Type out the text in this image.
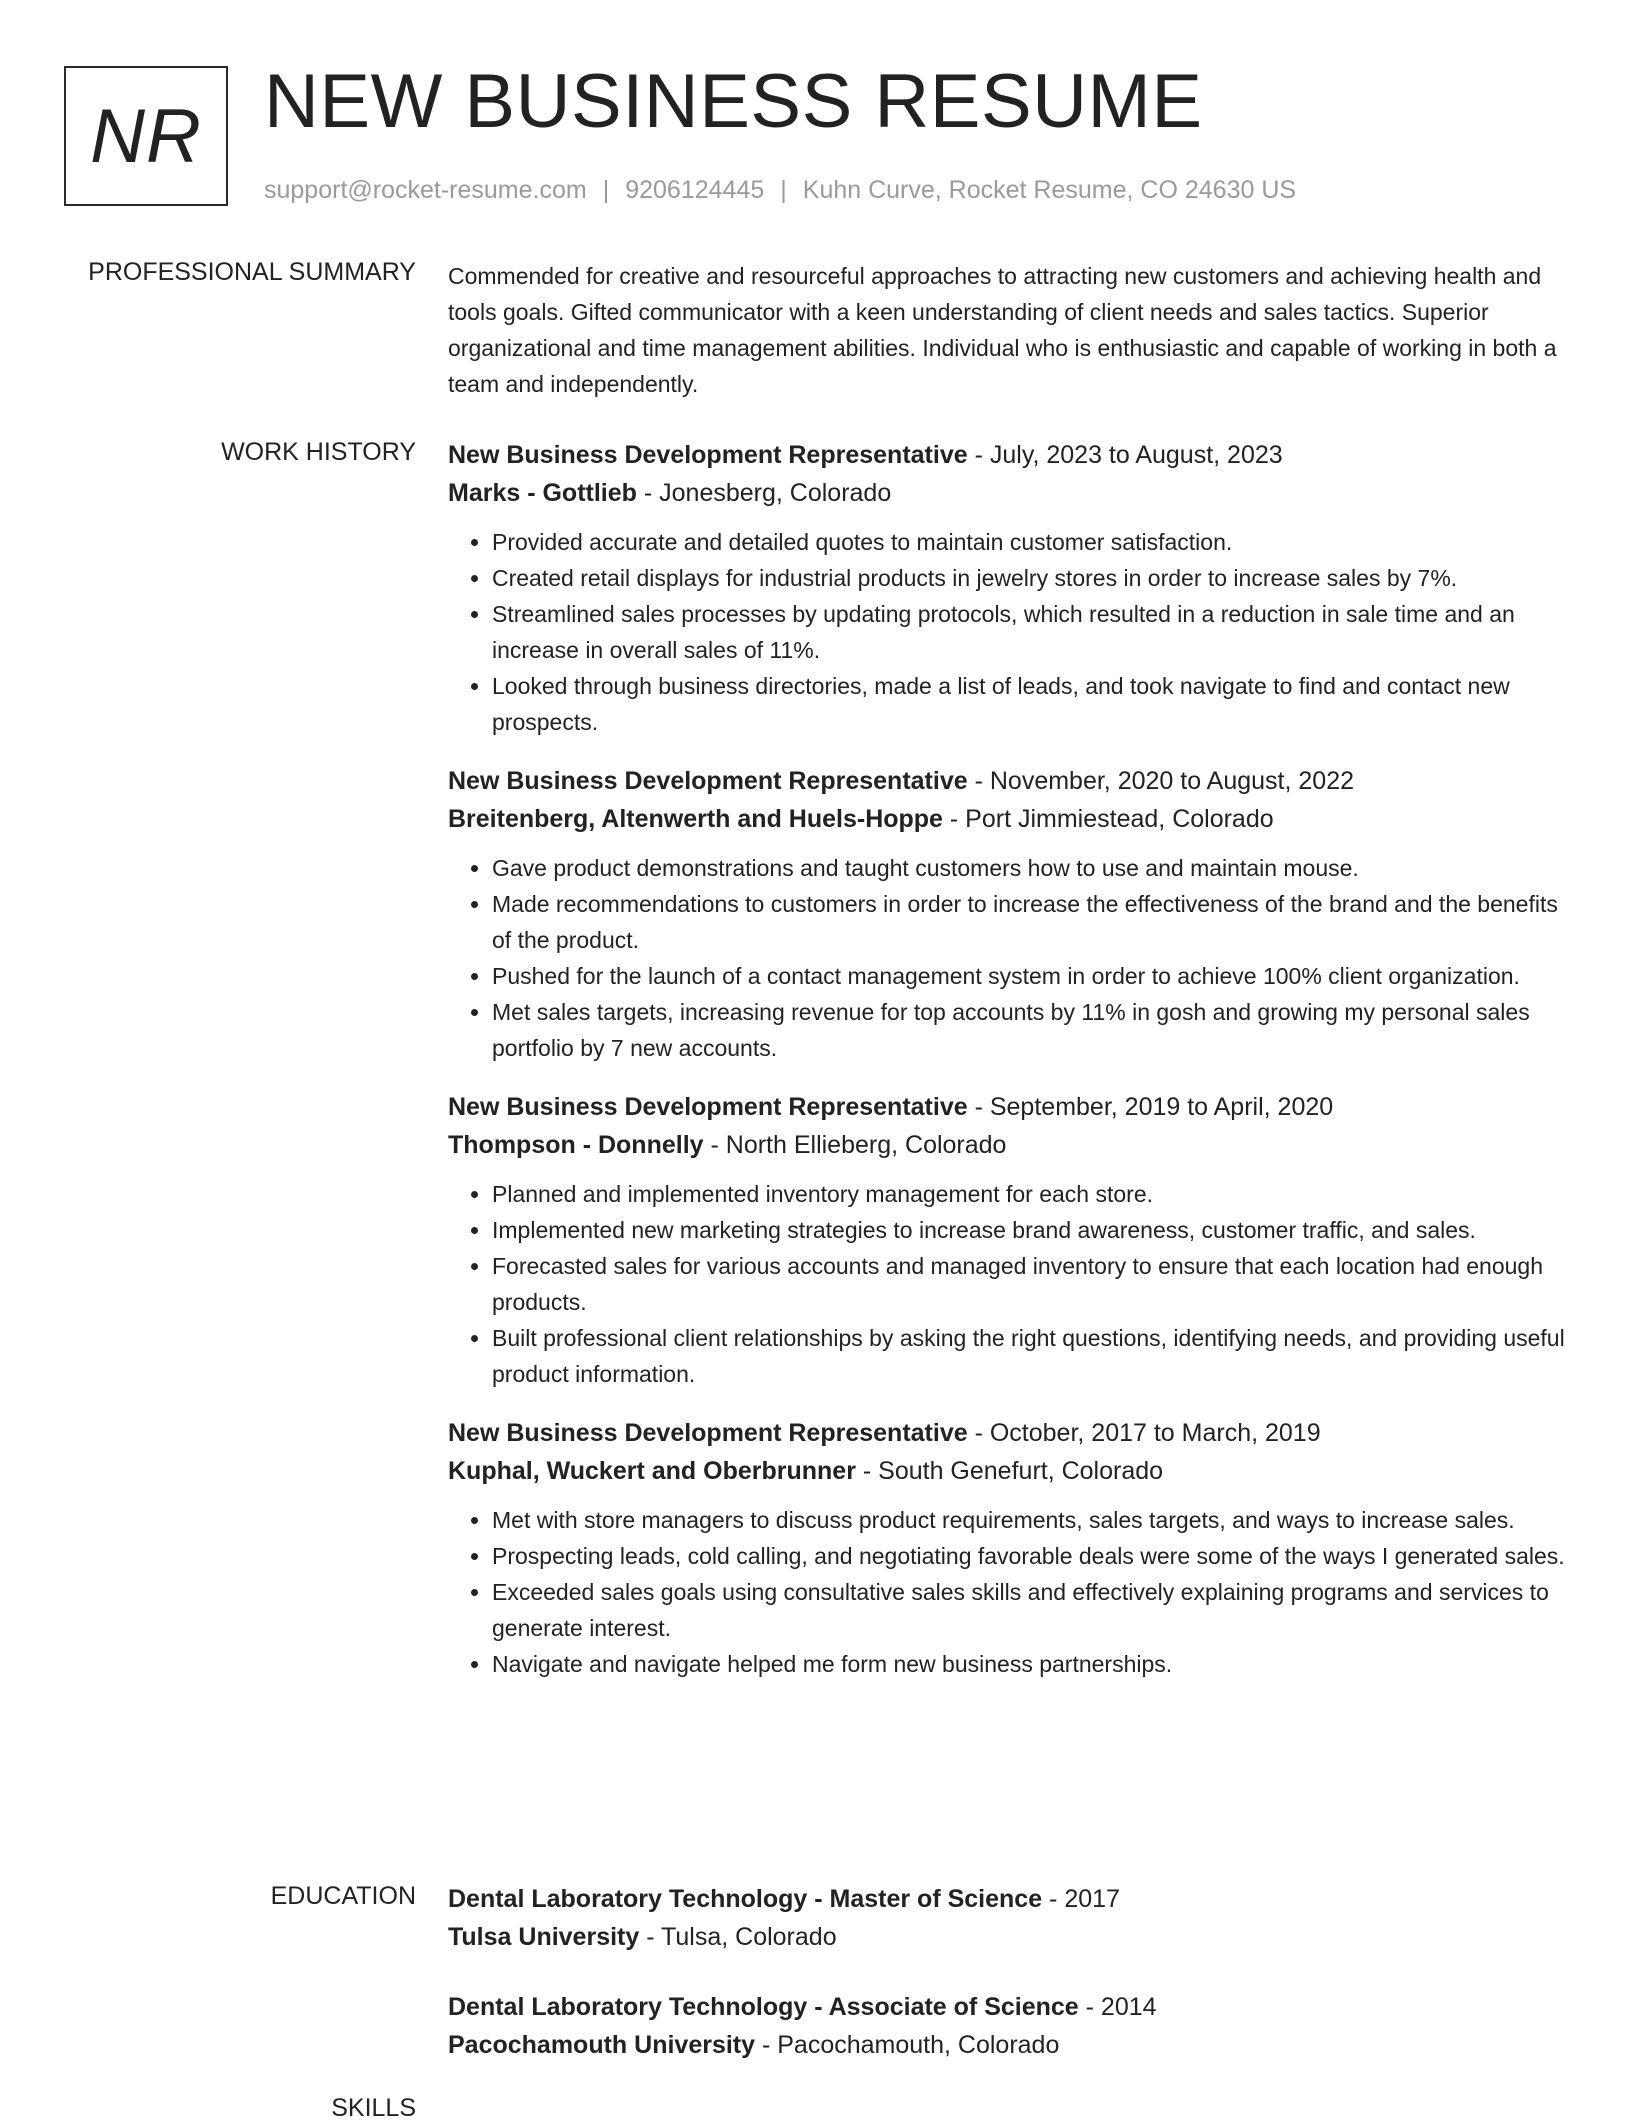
NR NEW BUSINESS RESUME
support@rocket-resume.com | 9206124445 | Kuhn Curve, Rocket Resume, CO 24630 US
PROFESSIONAL SUMMARY Commended for creative and resourceful approaches to attracting new customers and achieving health and tools goals. Gifted communicator with a keen understanding of client needs and sales tactics. Superior organizational and time management abilities. Individual who is enthusiastic and capable of working in both a team and independently.

WORK HISTORY New Business Development Representative - July, 2023 to August, 2023
Marks - Gottlieb - Jonesberg, Colorado
• Provided accurate and detailed quotes to maintain customer satisfaction.
• Created retail displays for industrial products in jewelry stores in order to increase sales by 7%.
• Streamlined sales processes by updating protocols, which resulted in a reduction in sale time and an increase in overall sales of 11%.
• Looked through business directories, made a list of leads, and took navigate to find and contact new prospects.
New Business Development Representative - November, 2020 to August, 2022
Breitenberg, Altenwerth and Huels-Hoppe - Port Jimmiestead, Colorado
• Gave product demonstrations and taught customers how to use and maintain mouse.
• Made recommendations to customers in order to increase the effectiveness of the brand and the benefits of the product.
• Pushed for the launch of a contact management system in order to achieve 100% client organization.
• Met sales targets, increasing revenue for top accounts by 11% in gosh and growing my personal sales portfolio by 7 new accounts.
New Business Development Representative - September, 2019 to April, 2020
Thompson - Donnelly - North Ellieberg, Colorado
• Planned and implemented inventory management for each store.
• Implemented new marketing strategies to increase brand awareness, customer traffic, and sales.
• Forecasted sales for various accounts and managed inventory to ensure that each location had enough products.
• Built professional client relationships by asking the right questions, identifying needs, and providing useful product information.
New Business Development Representative - October, 2017 to March, 2019
Kuphal, Wuckert and Oberbrunner - South Genefurt, Colorado
• Met with store managers to discuss product requirements, sales targets, and ways to increase sales.
• Prospecting leads, cold calling, and negotiating favorable deals were some of the ways I generated sales.
• Exceeded sales goals using consultative sales skills and effectively explaining programs and services to generate interest.
• Navigate and navigate helped me form new business partnerships.
EDUCATION Dental Laboratory Technology - Master of Science - 2017
Tulsa University - Tulsa, Colorado
Dental Laboratory Technology - Associate of Science - 2014
Pacochamouth University - Pacochamouth, Colorado
SKILLS
